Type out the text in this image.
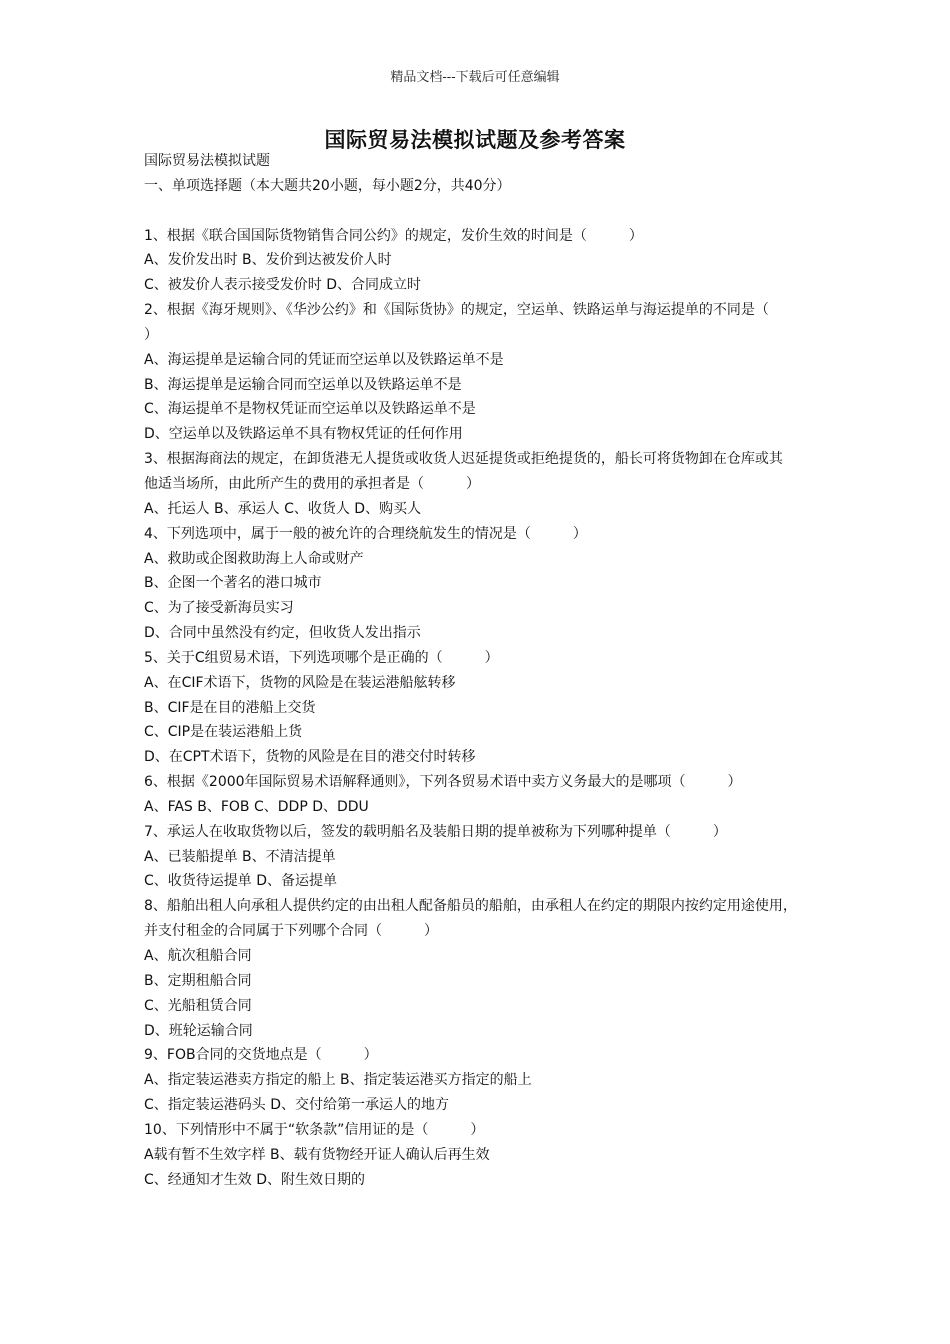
精品文档---下载后可任意编辑
国际贸易法模拟试题及参考答案
国际贸易法模拟试题
一、单项选择题（本大题共20小题，每小题2分，共40分）
1、根据《联合国国际货物销售合同公约》的规定，发价生效的时间是（　　　）
A、发价发出时 B、发价到达被发价人时
C、被发价人表示接受发价时 D、合同成立时
2、根据《海牙规则》、《华沙公约》和《国际货协》的规定，空运单、铁路运单与海运提单的不同是（
）
A、海运提单是运输合同的凭证而空运单以及铁路运单不是
B、海运提单是运输合同而空运单以及铁路运单不是
C、海运提单不是物权凭证而空运单以及铁路运单不是
D、空运单以及铁路运单不具有物权凭证的任何作用
3、根据海商法的规定，在卸货港无人提货或收货人迟延提货或拒绝提货的，船长可将货物卸在仓库或其
他适当场所，由此所产生的费用的承担者是（　　　）
A、托运人 B、承运人 C、收货人 D、购买人
4、下列选项中，属于一般的被允许的合理绕航发生的情况是（　　　）
A、救助或企图救助海上人命或财产
B、企图一个著名的港口城市
C、为了接受新海员实习
D、合同中虽然没有约定，但收货人发出指示
5、关于C组贸易术语，下列选项哪个是正确的（　　　）
A、在CIF术语下，货物的风险是在装运港船舷转移
B、CIF是在目的港船上交货
C、CIP是在装运港船上货
D、在CPT术语下，货物的风险是在目的港交付时转移
6、根据《2000年国际贸易术语解释通则》，下列各贸易术语中卖方义务最大的是哪项（　　　）
A、FAS B、FOB C、DDP D、DDU
7、承运人在收取货物以后，签发的载明船名及装船日期的提单被称为下列哪种提单（　　　）
A、已装船提单 B、不清洁提单
C、收货待运提单 D、备运提单
8、船舶出租人向承租人提供约定的由出租人配备船员的船舶，由承租人在约定的期限内按约定用途使用，
并支付租金的合同属于下列哪个合同（　　　）
A、航次租船合同
B、定期租船合同
C、光船租赁合同
D、班轮运输合同
9、FOB合同的交货地点是（　　　）
A、指定装运港卖方指定的船上 B、指定装运港买方指定的船上
C、指定装运港码头 D、交付给第一承运人的地方
10、下列情形中不属于“软条款”信用证的是（　　　）
A载有暂不生效字样 B、载有货物经开证人确认后再生效
C、经通知才生效 D、附生效日期的
